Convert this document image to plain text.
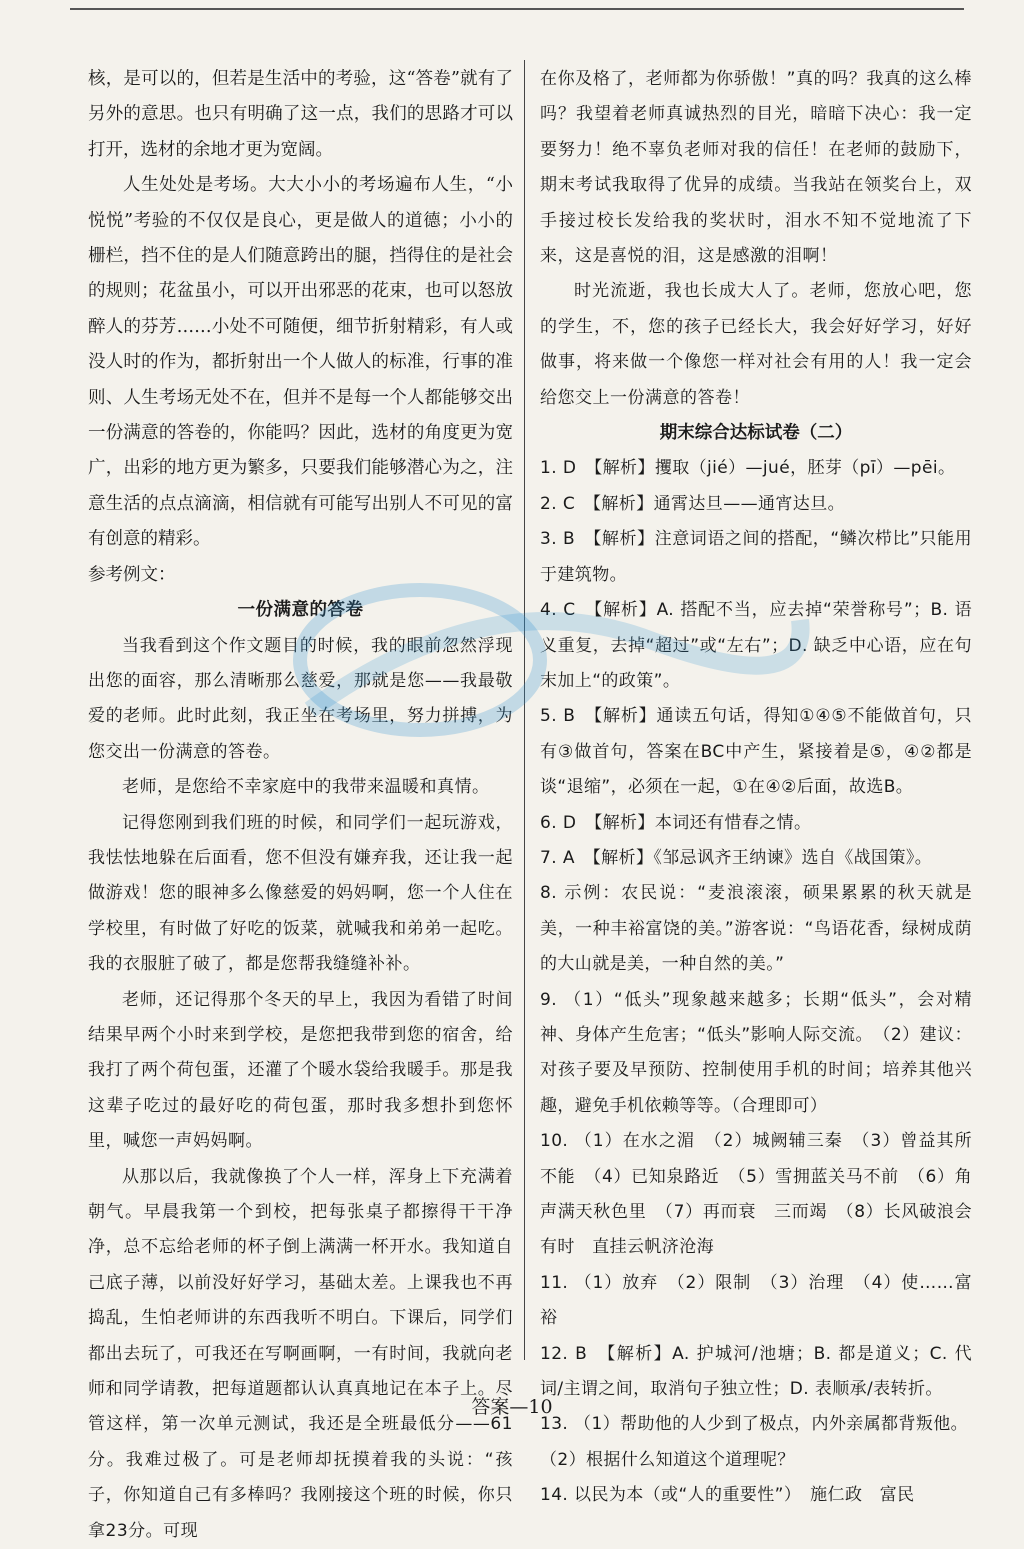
核，是可以的，但若是生活中的考验，这“答卷”就有了另外的意思。也只有明确了这一点，我们的思路才可以打开，选材的余地才更为宽阔。

人生处处是考场。大大小小的考场遍布人生，“小悦悦”考验的不仅仅是良心，更是做人的道德；小小的栅栏，挡不住的是人们随意跨出的腿，挡得住的是社会的规则；花盆虽小，可以开出邪恶的花束，也可以怒放醉人的芬芳……小处不可随便，细节折射精彩，有人或没人时的作为，都折射出一个人做人的标准，行事的准则、人生考场无处不在，但并不是每一个人都能够交出一份满意的答卷的，你能吗？因此，选材的角度更为宽广，出彩的地方更为繁多，只要我们能够潜心为之，注意生活的点点滴滴，相信就有可能写出别人不可见的富有创意的精彩。

参考例文：

一份满意的答卷

当我看到这个作文题目的时候，我的眼前忽然浮现出您的面容，那么清晰那么慈爱，那就是您——我最敬爱的老师。此时此刻，我正坐在考场里，努力拼搏，为您交出一份满意的答卷。

老师，是您给不幸家庭中的我带来温暖和真情。

记得您刚到我们班的时候，和同学们一起玩游戏，我怯怯地躲在后面看，您不但没有嫌弃我，还让我一起做游戏！您的眼神多么像慈爱的妈妈啊，您一个人住在学校里，有时做了好吃的饭菜，就喊我和弟弟一起吃。我的衣服脏了破了，都是您帮我缝缝补补。

老师，还记得那个冬天的早上，我因为看错了时间结果早两个小时来到学校，是您把我带到您的宿舍，给我打了两个荷包蛋，还灌了个暖水袋给我暖手。那是我这辈子吃过的最好吃的荷包蛋，那时我多想扑到您怀里，喊您一声妈妈啊。

从那以后，我就像换了个人一样，浑身上下充满着朝气。早晨我第一个到校，把每张桌子都擦得干干净净，总不忘给老师的杯子倒上满满一杯开水。我知道自己底子薄，以前没好好学习，基础太差。上课我也不再捣乱，生怕老师讲的东西我听不明白。下课后，同学们都出去玩了，可我还在写啊画啊，一有时间，我就向老师和同学请教，把每道题都认认真真地记在本子上。尽管这样，第一次单元测试，我还是全班最低分——61分。我难过极了。可是老师却抚摸着我的头说：“孩子，你知道自己有多棒吗？我刚接这个班的时候，你只拿23分。可现

在你及格了，老师都为你骄傲！”真的吗？我真的这么棒吗？我望着老师真诚热烈的目光，暗暗下决心：我一定要努力！绝不辜负老师对我的信任！在老师的鼓励下，期末考试我取得了优异的成绩。当我站在领奖台上，双手接过校长发给我的奖状时，泪水不知不觉地流了下来，这是喜悦的泪，这是感激的泪啊！

时光流逝，我也长成大人了。老师，您放心吧，您的学生，不，您的孩子已经长大，我会好好学习，好好做事，将来做一个像您一样对社会有用的人！我一定会给您交上一份满意的答卷！

期末综合达标试卷（二）

1. D　【解析】攫取（jié）—jué，胚芽（pī）—pēi。

2. C　【解析】通霄达旦——通宵达旦。

3. B　【解析】注意词语之间的搭配，“鳞次栉比”只能用于建筑物。

4. C　【解析】A. 搭配不当，应去掉“荣誉称号”；B. 语义重复，去掉“超过”或“左右”；D. 缺乏中心语，应在句末加上“的政策”。

5. B　【解析】通读五句话，得知①④⑤不能做首句，只有③做首句，答案在BC中产生，紧接着是⑤，④②都是谈“退缩”，必须在一起，①在④②后面，故选B。

6. D　【解析】本词还有惜春之情。

7. A　【解析】《邹忌讽齐王纳谏》选自《战国策》。

8. 示例：农民说：“麦浪滚滚，硕果累累的秋天就是美，一种丰裕富饶的美。”游客说：“鸟语花香，绿树成荫的大山就是美，一种自然的美。”

9. （1）“低头”现象越来越多；长期“低头”，会对精神、身体产生危害；“低头”影响人际交流。　（2）建议：对孩子要及早预防、控制使用手机的时间；培养其他兴趣，避免手机依赖等等。（合理即可）

10. （1）在水之湄　（2）城阙辅三秦　（3）曾益其所不能　（4）已知泉路近　（5）雪拥蓝关马不前　（6）角声满天秋色里　（7）再而衰　三而竭　（8）长风破浪会有时　直挂云帆济沧海

11. （1）放弃　（2）限制　（3）治理　（4）使……富裕

12. B　【解析】A. 护城河/池塘；B. 都是道义；C. 代词/主谓之间，取消句子独立性；D. 表顺承/表转折。

13. （1）帮助他的人少到了极点，内外亲属都背叛他。

（2）根据什么知道这个道理呢？

14. 以民为本（或“人的重要性”）　施仁政　富民

答案—10
